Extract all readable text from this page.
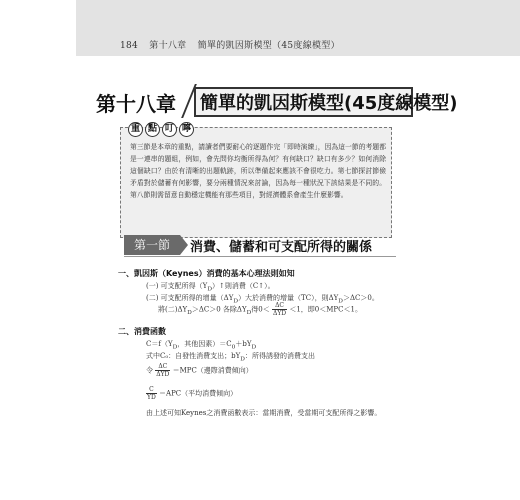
184 第十八章 簡單的凱因斯模型（45度線模型）
第十八章 簡單的凱因斯模型(45度線模型)
重 點 叮 嚀
第三節是本章的重點，請讀者們要耐心的逐題作完「即時演練」，因為這一節的考題都是一連串的題組，例如，會先問你均衡所得為何？有何缺口？缺口有多少？如何消除這個缺口？由於有清晰的出題軌跡，所以準備起來應該不會很吃力。第七節探討節儉矛盾對於儲蓄有何影響，要分兩種情況來討論，因為每一種狀況下該結果是不同的。第八節則需留意自動穩定機能有那些項目，對經濟體系會產生什麼影響。
第一節	消費、儲蓄和可支配所得的關係
一、凱因斯（Keynes）消費的基本心理法則如知
(一) 可支配所得$(Y_D)↑$則消費（C↑）。
(二) 可支配所得的增量$(\Delta Y_D)$大於消費的增量（TC），則$\Delta Y_D>\Delta C>0$。
將(二)$\Delta Y_D>\Delta C>0$ 各除$\Delta Y_D$得$0< \frac{\Delta C}{\text{ΔYD}} <1$，即0＜MPC＜1。
二、消費函數
$C=f(Y_D$，其他因素）$=C_0+bY_D$
式中C₀：自發性消費支出；$bY_D$：所得誘發的消費支出
令 $\frac{\Delta C}{\text{ΔYD}} =MPC$（邊際消費傾向）
$\frac{C}{YD} =APC$（平均消費傾向）
由上述可知Keynes之消費函數表示：當期消費，受當期可支配所得之影響。
